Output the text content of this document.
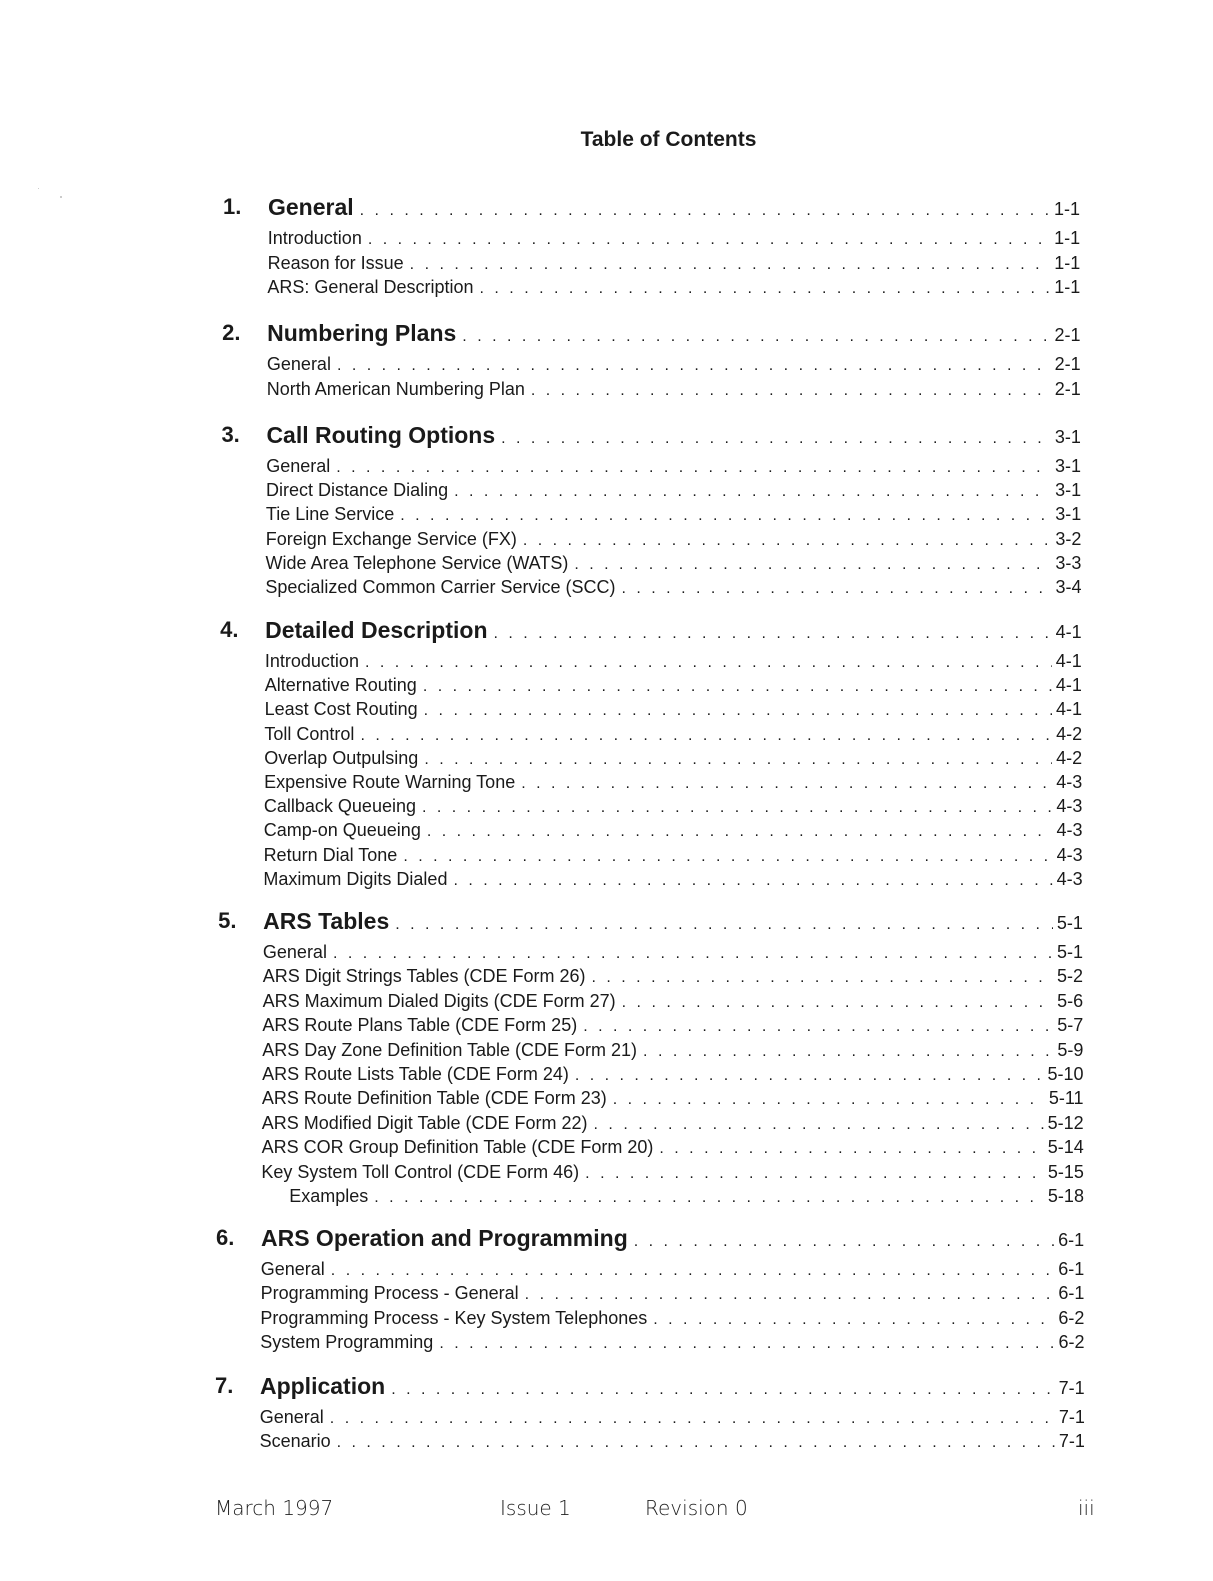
Table of Contents
1. General . . .	1-1
Introduction . . .	1-1
Reason for Issue . . .	1-1
ARS: General Description . . .	1-1
2. Numbering Plans . . .	2-1
General . . .	2-1
North American Numbering Plan . . .	2-1
3. Call Routing Options . . .	3-1
General . . .	3-1
Direct Distance Dialing . . .	3-1
Tie Line Service . . .	3-1
Foreign Exchange Service (FX) . . .	3-2
Wide Area Telephone Service (WATS) . . .	3-3
Specialized Common Carrier Service (SCC) . . .	3-4
4. Detailed Description . . .	4-1
Introduction . . .	4-1
Alternative Routing . . .	4-1
Least Cost Routing . . .	4-1
Toll Control . . .	4-2
Overlap Outpulsing . . .	4-2
Expensive Route Warning Tone . . .	4-3
Callback Queueing . . .	4-3
Camp-on Queueing . . .	4-3
Return Dial Tone . . .	4-3
Maximum Digits Dialed . . .	4-3
5. ARS Tables . . .	5-1
General . . .	5-1
ARS Digit Strings Tables (CDE Form 26) . . .	5-2
ARS Maximum Dialed Digits (CDE Form 27) . . .	5-6
ARS Route Plans Table (CDE Form 25) . . .	5-7
ARS Day Zone Definition Table (CDE Form 21) . . .	5-9
ARS Route Lists Table (CDE Form 24) . . .	5-10
ARS Route Definition Table (CDE Form 23) . . .	5-11
ARS Modified Digit Table (CDE Form 22) . . .	5-12
ARS COR Group Definition Table (CDE Form 20) . . .	5-14
Key System Toll Control (CDE Form 46) . . .	5-15
Examples . . .	5-18
6. ARS Operation and Programming . . .	6-1
General . . .	6-1
Programming Process - General . . .	6-1
Programming Process - Key System Telephones . . .	6-2
System Programming . . .	6-2
7. Application . . .	7-1
General . . .	7-1
Scenario . . .	7-1
March 1997	Issue 1	Revision 0	iii
